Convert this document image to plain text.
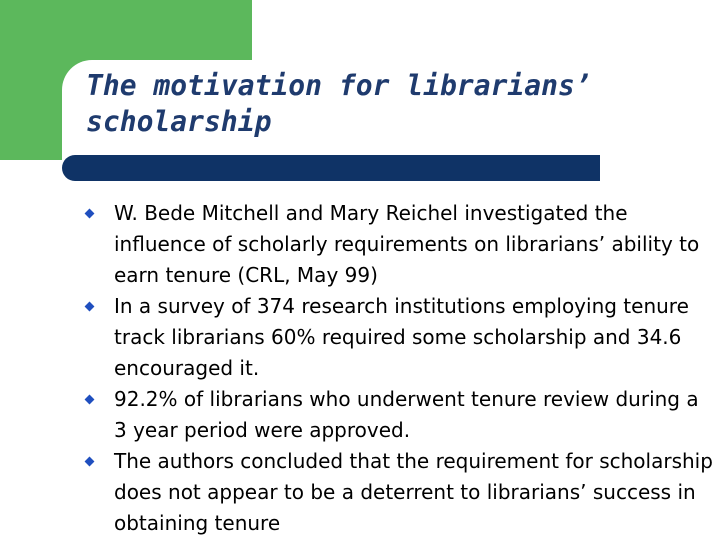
The motivation for librarians’
scholarship
W. Bede Mitchell and Mary Reichel investigated the influence of scholarly requirements on librarians’ ability to earn tenure (CRL, May 99)
In a survey of 374 research institutions employing tenure track librarians 60% required some scholarship and 34.6 encouraged it.
92.2% of librarians who underwent tenure review during a 3 year period were approved.
The authors concluded that the requirement for scholarship does not appear to be a deterrent to librarians’ success in obtaining tenure
